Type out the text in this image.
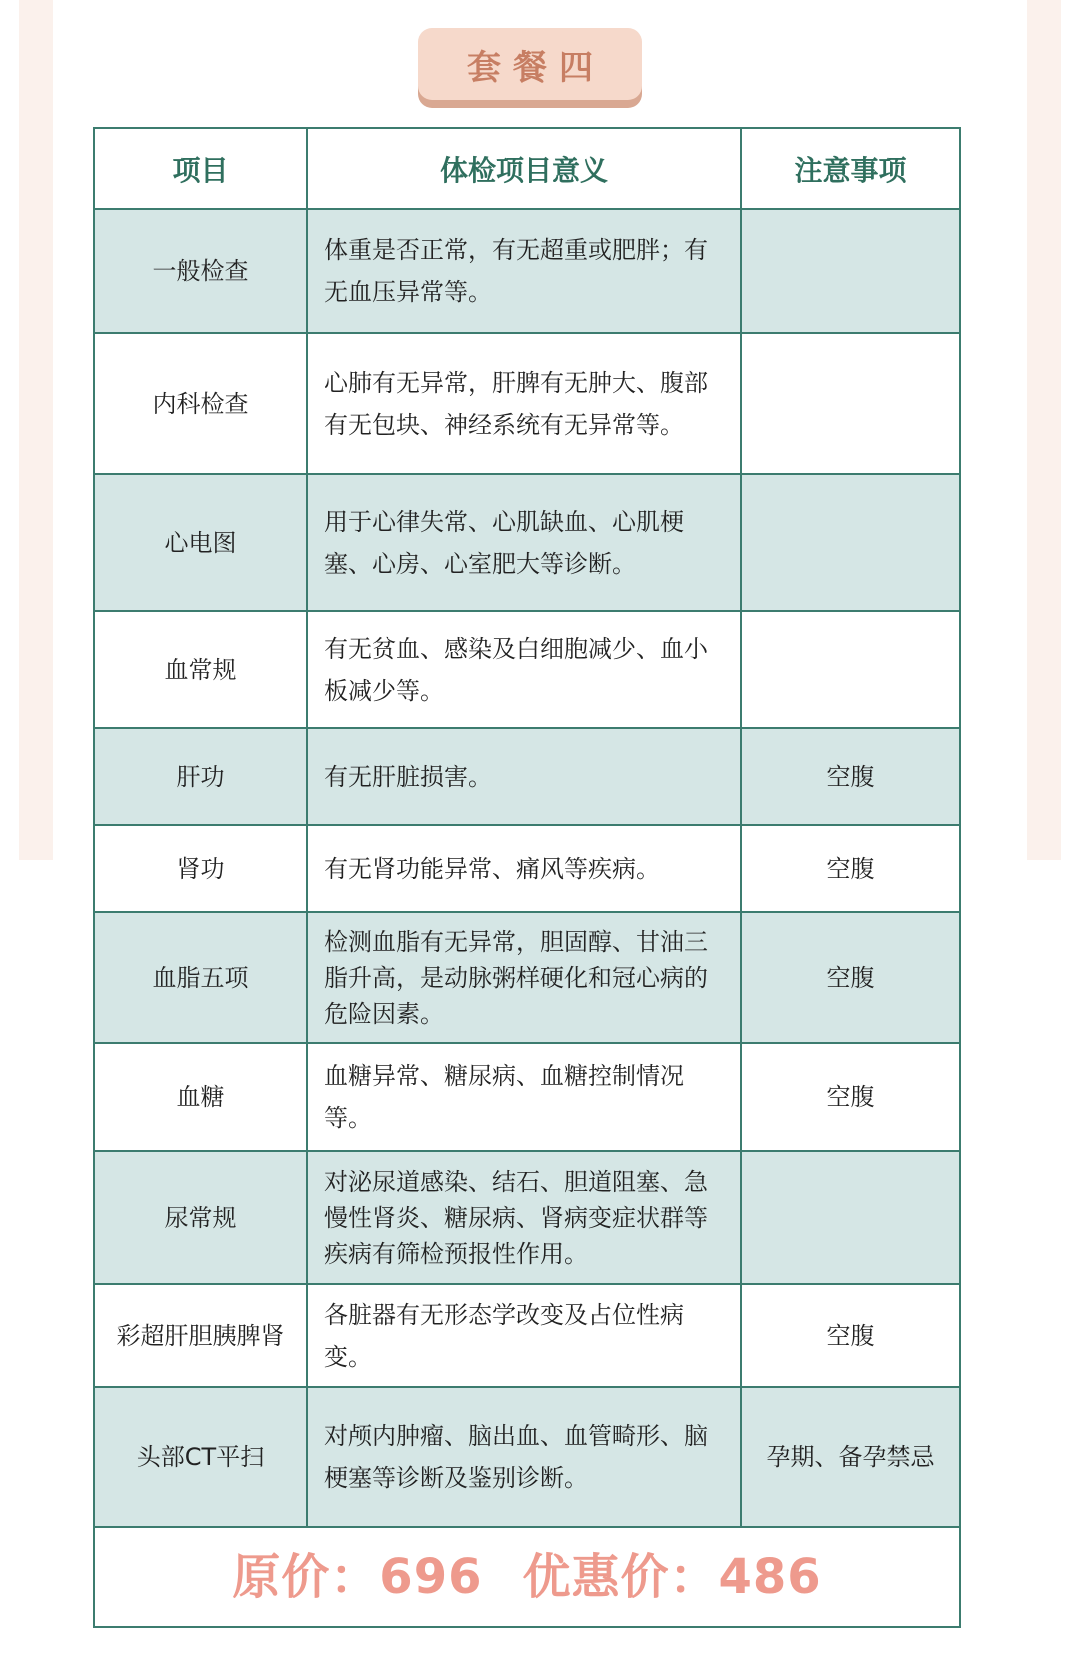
套餐四
项目	体检项目意义	注意事项
一般检查	体重是否正常，有无超重或肥胖；有无血压异常等。	
内科检查	心肺有无异常，肝脾有无肿大、腹部有无包块、神经系统有无异常等。	
心电图	用于心律失常、心肌缺血、心肌梗塞、心房、心室肥大等诊断。	
血常规	有无贫血、感染及白细胞减少、血小板减少等。	
肝功	有无肝脏损害。	空腹
肾功	有无肾功能异常、痛风等疾病。	空腹
血脂五项	检测血脂有无异常，胆固醇、甘油三脂升高，是动脉粥样硬化和冠心病的危险因素。	空腹
血糖	血糖异常、糖尿病、血糖控制情况等。	空腹
尿常规	对泌尿道感染、结石、胆道阻塞、急慢性肾炎、糖尿病、肾病变症状群等疾病有筛检预报性作用。	
彩超肝胆胰脾肾	各脏器有无形态学改变及占位性病变。	空腹
头部CT平扫	对颅内肿瘤、脑出血、血管畸形、脑梗塞等诊断及鉴别诊断。	孕期、备孕禁忌
原价：696 优惠价：486		
